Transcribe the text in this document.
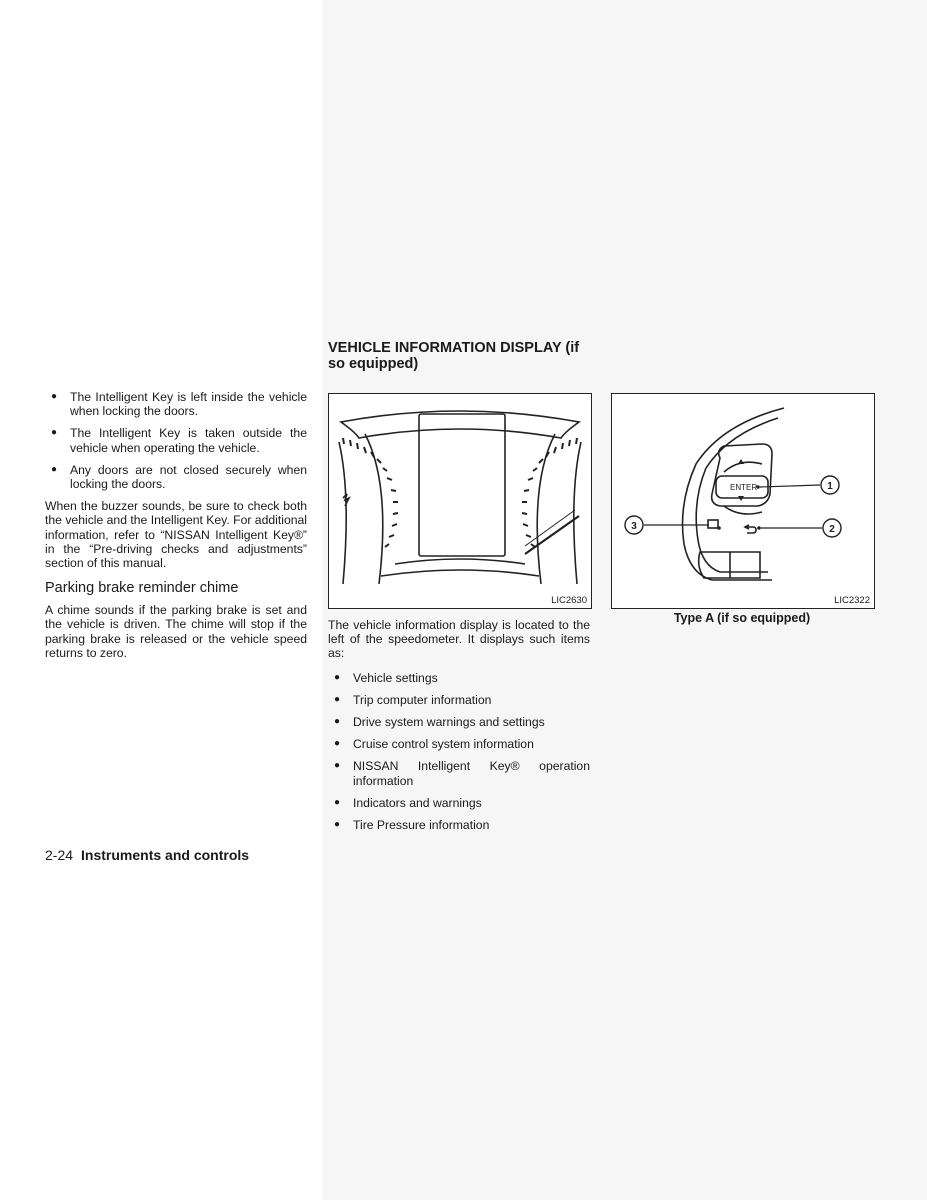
● The Intelligent Key is left inside the vehicle when locking the doors.
● The Intelligent Key is taken outside the vehicle when operating the vehicle.
● Any doors are not closed securely when locking the doors.

When the buzzer sounds, be sure to check both the vehicle and the Intelligent Key. For additional information, refer to “NISSAN Intelligent Key®” in the “Pre-driving checks and adjustments” section of this manual.

Parking brake reminder chime

A chime sounds if the parking brake is set and the vehicle is driven. The chime will stop if the parking brake is released or the vehicle speed returns to zero.

VEHICLE INFORMATION DISPLAY (if so equipped)
LIC2630
ENTER	1
2
3
LIC2322
Type A (if so equipped)

The vehicle information display is located to the left of the speedometer. It displays such items as:

● Vehicle settings
● Trip computer information
● Drive system warnings and settings
● Cruise control system information
● NISSAN Intelligent Key® operation information
● Indicators and warnings
● Tire Pressure information
2-24 Instruments and controls
